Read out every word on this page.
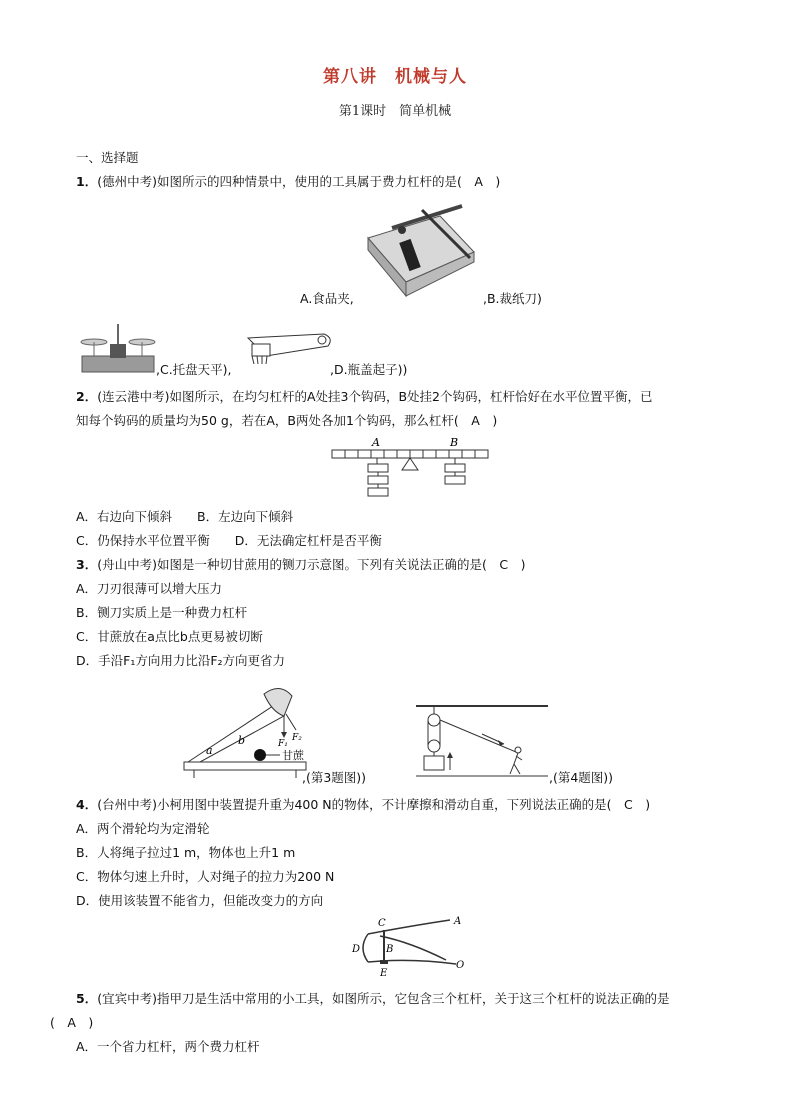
第八讲　机械与人
第1课时　简单机械
一、选择题
1．(德州中考)如图所示的四种情景中，使用的工具属于费力杠杆的是(　A　)
A.食品夹,	,B.裁纸刀)
,C.托盘天平),	,D.瓶盖起子))
2．(连云港中考)如图所示，在均匀杠杆的A处挂3个钩码，B处挂2个钩码，杠杆恰好在水平位置平衡，已
知每个钩码的质量均为50 g，若在A，B两处各加1个钩码，那么杠杆(　A　)
A	B
A．右边向下倾斜　　B．左边向下倾斜
C．仍保持水平位置平衡　　D．无法确定杠杆是否平衡
3．(舟山中考)如图是一种切甘蔗用的铡刀示意图。下列有关说法正确的是(　C　)
A．刀刃很薄可以增大压力
B．铡刀实质上是一种费力杠杆
C．甘蔗放在a点比b点更易被切断
D．手沿F₁方向用力比沿F₂方向更省力
甘蔗
a
b	F₁
F₂
,(第3题图))	,(第4题图))
4．(台州中考)小柯用图中装置提升重为400 N的物体，不计摩擦和滑动自重，下列说法正确的是(　C　)
A．两个滑轮均为定滑轮
B．人将绳子拉过1 m，物体也上升1 m
C．物体匀速上升时，人对绳子的拉力为200 N
D．使用该装置不能省力，但能改变力的方向
C	A
D	B
E
O
5．(宜宾中考)指甲刀是生活中常用的小工具，如图所示，它包含三个杠杆，关于这三个杠杆的说法正确的是
(　A　)
A．一个省力杠杆，两个费力杠杆
